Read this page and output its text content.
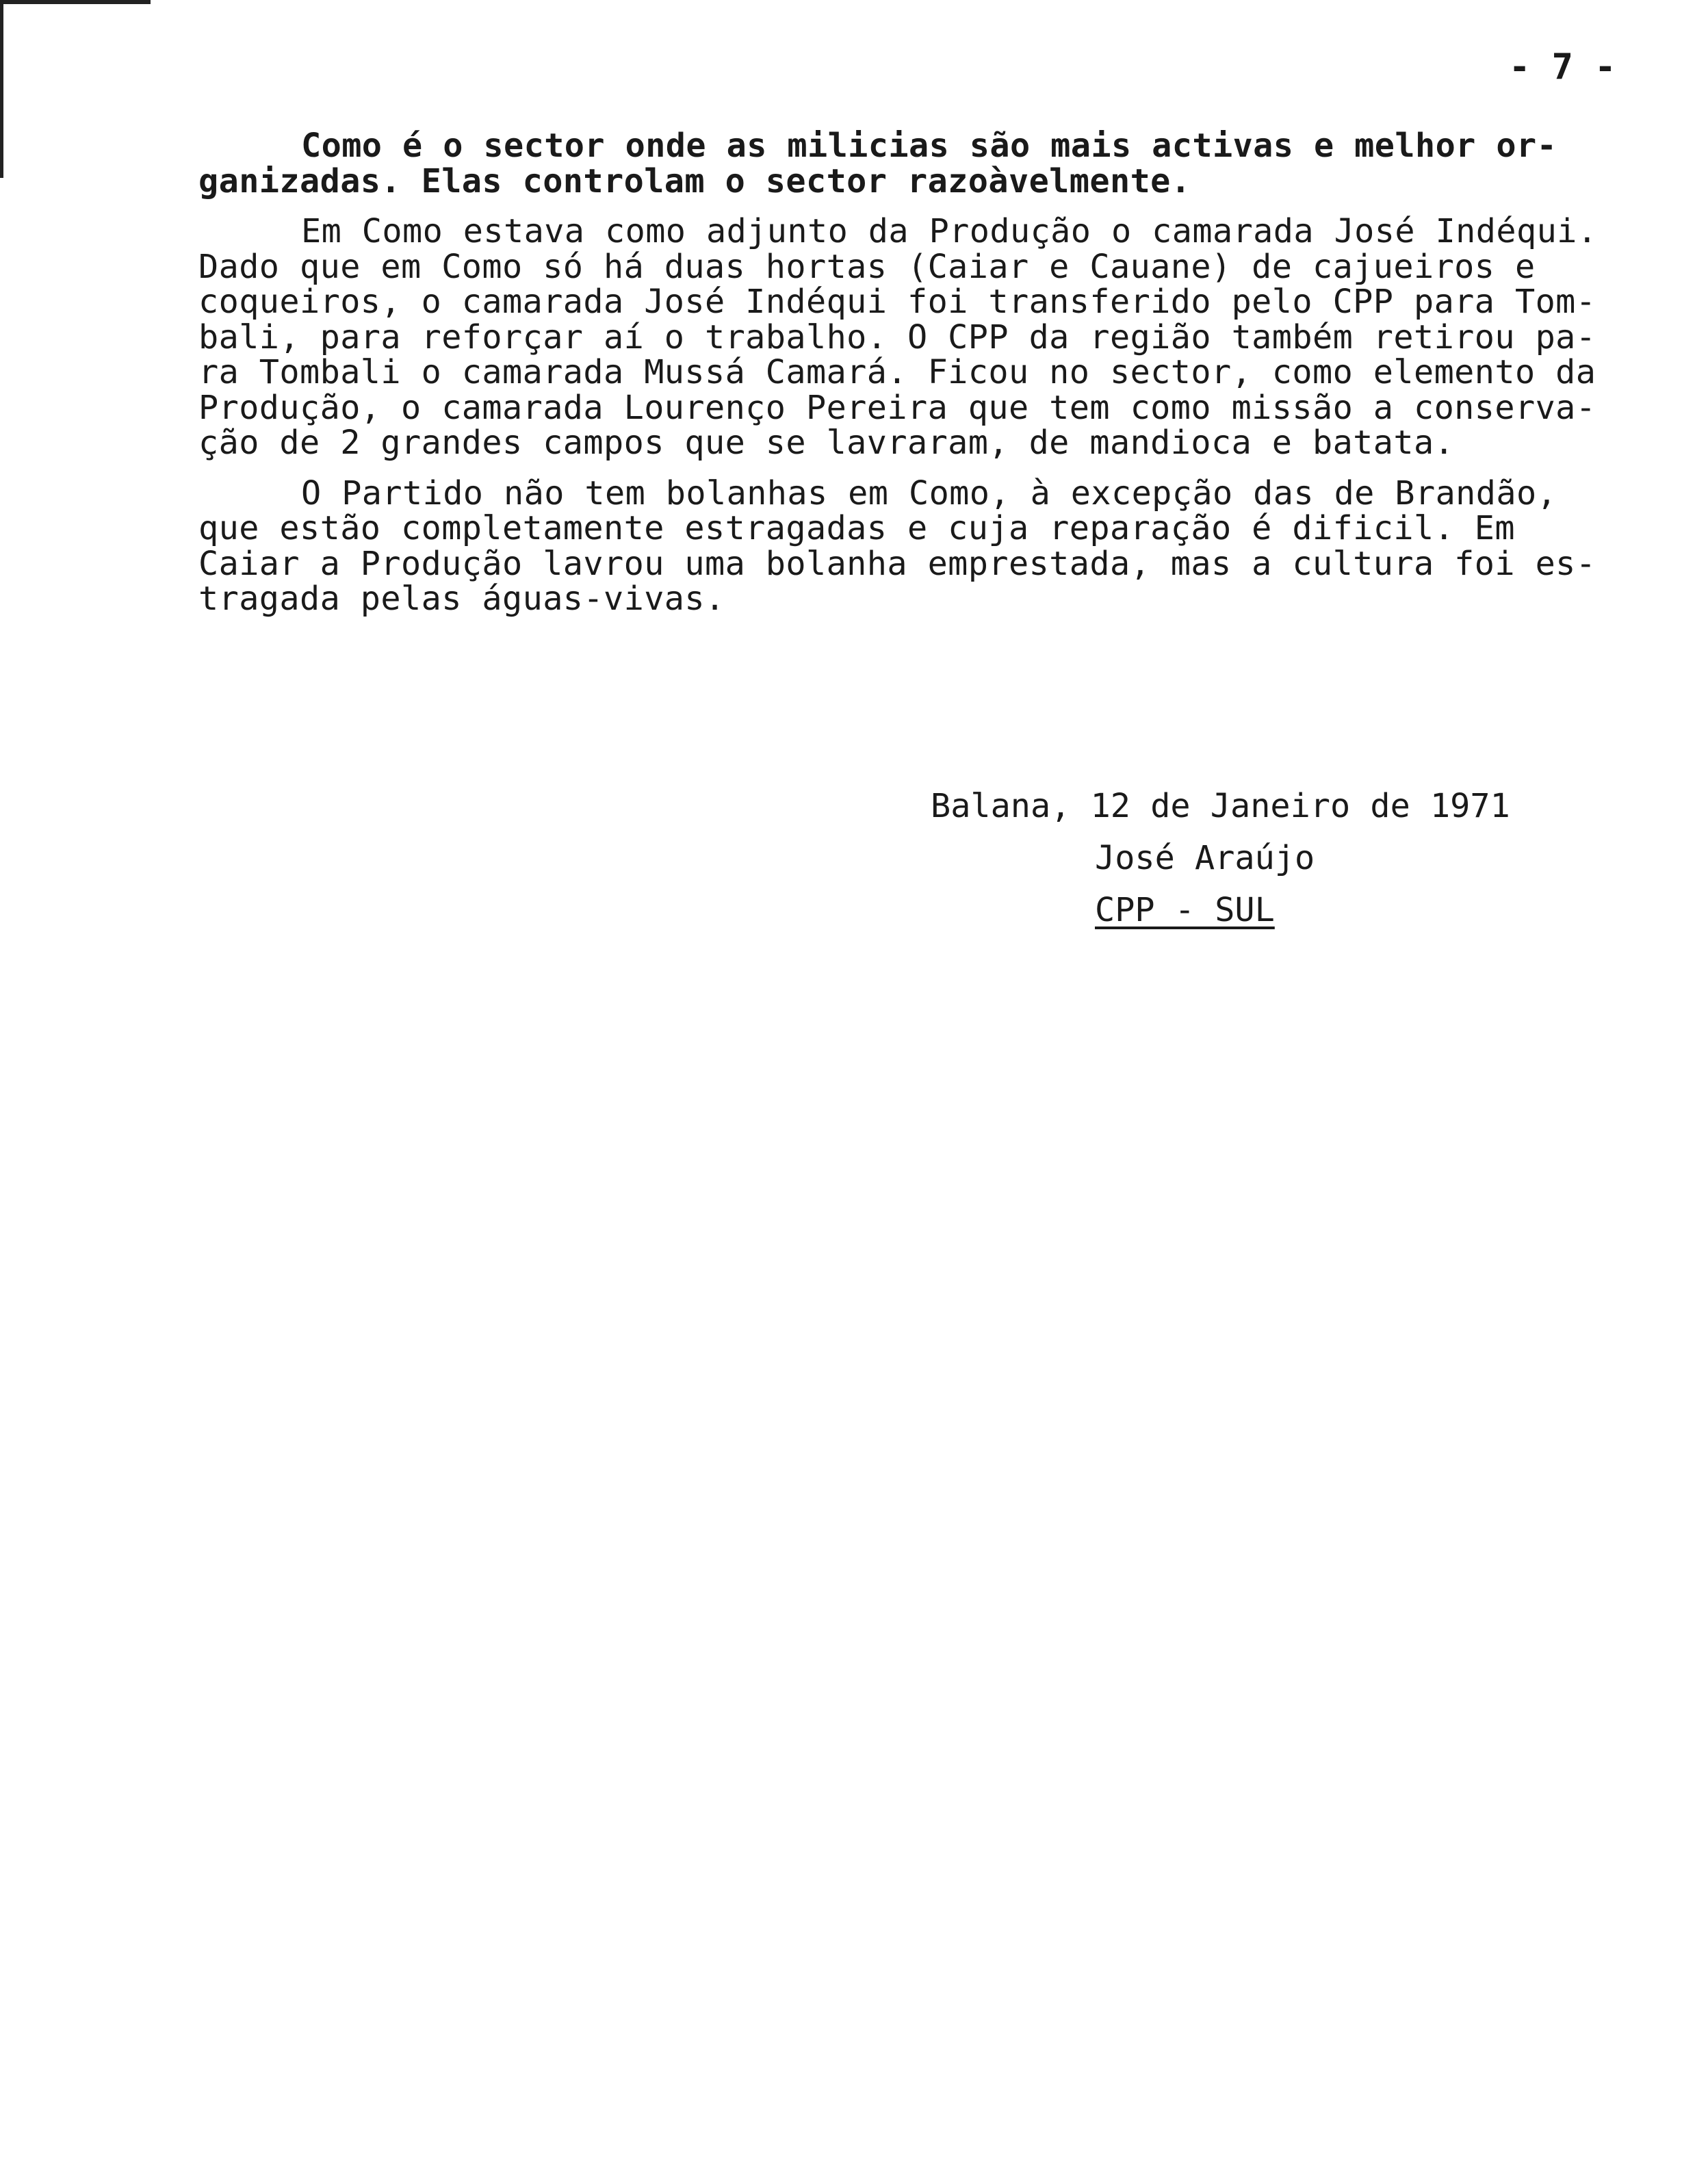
- 7 -
Como é o sector onde as milicias são mais activas e melhor or-
ganizadas. Elas controlam o sector razoàvelmente.
Em Como estava como adjunto da Produção o camarada José Indéqui.
Dado que em Como só há duas hortas (Caiar e Cauane) de cajueiros e
coqueiros, o camarada José Indéqui foi transferido pelo CPP para Tom-
bali, para reforçar aí o trabalho. O CPP da região também retirou pa-
ra Tombali o camarada Mussá Camará. Ficou no sector, como elemento da
Produção, o camarada Lourenço Pereira que tem como missão a conserva-
ção de 2 grandes campos que se lavraram, de mandioca e batata.
O Partido não tem bolanhas em Como, à excepção das de Brandão,
que estão completamente estragadas e cuja reparação é dificil. Em
Caiar a Produção lavrou uma bolanha emprestada, mas a cultura foi es-
tragada pelas águas-vivas.
Balana, 12 de Janeiro de 1971
José Araújo
CPP - SUL
